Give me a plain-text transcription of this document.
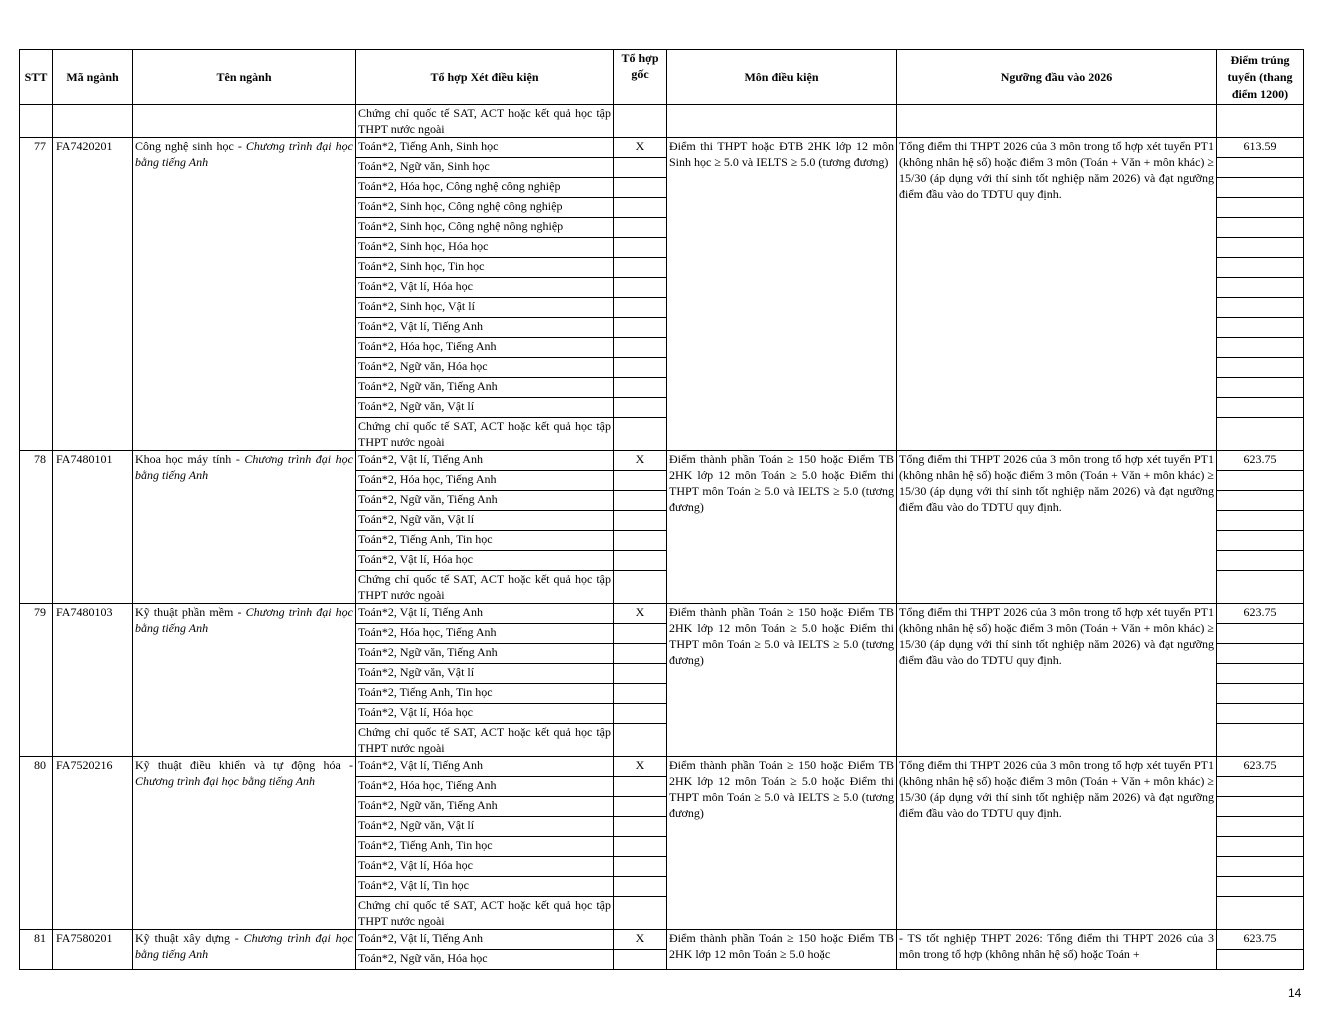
STT	Mã ngành	Tên ngành	Tổ hợp Xét điều kiện	Tổ hợp gốc	Môn điều kiện	Ngưỡng đầu vào 2026	Điểm trúng tuyển (thang điểm 1200)
			Chứng chỉ quốc tế SAT, ACT hoặc kết quả học tập THPT nước ngoài				
77	FA7420201	Công nghệ sinh học - Chương trình đại học bằng tiếng Anh	Toán*2, Tiếng Anh, Sinh học	X	Điểm thi THPT hoặc ĐTB 2HK lớp 12 môn Sinh học ≥ 5.0 và IELTS ≥ 5.0 (tương đương)	Tổng điểm thi THPT 2026 của 3 môn trong tổ hợp xét tuyển PT1 (không nhân hệ số) hoặc điểm 3 môn (Toán + Văn + môn khác) ≥ 15/30 (áp dụng với thí sinh tốt nghiệp năm 2026) và đạt ngưỡng điểm đầu vào do TDTU quy định.	613.59
			Toán*2, Ngữ văn, Sinh học				
			Toán*2, Hóa học, Công nghệ công nghiệp				
			Toán*2, Sinh học, Công nghệ công nghiệp				
			Toán*2, Sinh học, Công nghệ nông nghiệp				
			Toán*2, Sinh học, Hóa học				
			Toán*2, Sinh học, Tin học				
			Toán*2, Vật lí, Hóa học				
			Toán*2, Sinh học, Vật lí				
			Toán*2, Vật lí, Tiếng Anh				
			Toán*2, Hóa học, Tiếng Anh				
			Toán*2, Ngữ văn, Hóa học				
			Toán*2, Ngữ văn, Tiếng Anh				
			Toán*2, Ngữ văn, Vật lí				
			Chứng chỉ quốc tế SAT, ACT hoặc kết quả học tập THPT nước ngoài				
78	FA7480101	Khoa học máy tính - Chương trình đại học bằng tiếng Anh	Toán*2, Vật lí, Tiếng Anh	X	Điểm thành phần Toán ≥ 150 hoặc Điểm TB 2HK lớp 12 môn Toán ≥ 5.0 hoặc Điểm thi THPT môn Toán ≥ 5.0 và IELTS ≥ 5.0 (tương đương)	Tổng điểm thi THPT 2026 của 3 môn trong tổ hợp xét tuyển PT1 (không nhân hệ số) hoặc điểm 3 môn (Toán + Văn + môn khác) ≥ 15/30 (áp dụng với thí sinh tốt nghiệp năm 2026) và đạt ngưỡng điểm đầu vào do TDTU quy định.	623.75
			Toán*2, Hóa học, Tiếng Anh				
			Toán*2, Ngữ văn, Tiếng Anh				
			Toán*2, Ngữ văn, Vật lí				
			Toán*2, Tiếng Anh, Tin học				
			Toán*2, Vật lí, Hóa học				
			Chứng chỉ quốc tế SAT, ACT hoặc kết quả học tập THPT nước ngoài				
79	FA7480103	Kỹ thuật phần mềm - Chương trình đại học bằng tiếng Anh	Toán*2, Vật lí, Tiếng Anh	X	Điểm thành phần Toán ≥ 150 hoặc Điểm TB 2HK lớp 12 môn Toán ≥ 5.0 hoặc Điểm thi THPT môn Toán ≥ 5.0 và IELTS ≥ 5.0 (tương đương)	Tổng điểm thi THPT 2026 của 3 môn trong tổ hợp xét tuyển PT1 (không nhân hệ số) hoặc điểm 3 môn (Toán + Văn + môn khác) ≥ 15/30 (áp dụng với thí sinh tốt nghiệp năm 2026) và đạt ngưỡng điểm đầu vào do TDTU quy định.	623.75
			Toán*2, Hóa học, Tiếng Anh				
			Toán*2, Ngữ văn, Tiếng Anh				
			Toán*2, Ngữ văn, Vật lí				
			Toán*2, Tiếng Anh, Tin học				
			Toán*2, Vật lí, Hóa học				
			Chứng chỉ quốc tế SAT, ACT hoặc kết quả học tập THPT nước ngoài				
80	FA7520216	Kỹ thuật điều khiển và tự động hóa - Chương trình đại học bằng tiếng Anh	Toán*2, Vật lí, Tiếng Anh	X	Điểm thành phần Toán ≥ 150 hoặc Điểm TB 2HK lớp 12 môn Toán ≥ 5.0 hoặc Điểm thi THPT môn Toán ≥ 5.0 và IELTS ≥ 5.0 (tương đương)	Tổng điểm thi THPT 2026 của 3 môn trong tổ hợp xét tuyển PT1 (không nhân hệ số) hoặc điểm 3 môn (Toán + Văn + môn khác) ≥ 15/30 (áp dụng với thí sinh tốt nghiệp năm 2026) và đạt ngưỡng điểm đầu vào do TDTU quy định.	623.75
			Toán*2, Hóa học, Tiếng Anh				
			Toán*2, Ngữ văn, Tiếng Anh				
			Toán*2, Ngữ văn, Vật lí				
			Toán*2, Tiếng Anh, Tin học				
			Toán*2, Vật lí, Hóa học				
			Toán*2, Vật lí, Tin học				
			Chứng chỉ quốc tế SAT, ACT hoặc kết quả học tập THPT nước ngoài				
81	FA7580201	Kỹ thuật xây dựng - Chương trình đại học bằng tiếng Anh	Toán*2, Vật lí, Tiếng Anh	X	Điểm thành phần Toán ≥ 150 hoặc Điểm TB 2HK lớp 12 môn Toán ≥ 5.0 hoặc	- TS tốt nghiệp THPT 2026: Tổng điểm thi THPT 2026 của 3 môn trong tổ hợp (không nhân hệ số) hoặc Toán +	623.75
			Toán*2, Ngữ văn, Hóa học				
14
